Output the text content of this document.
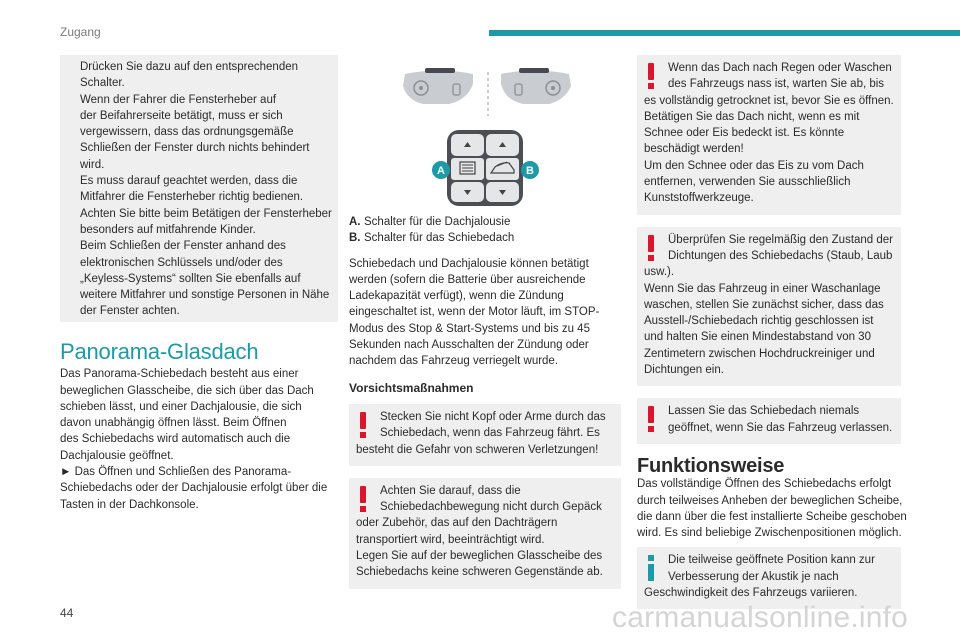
Zugang
Drücken Sie dazu auf den entsprechenden
Schalter.
Wenn der Fahrer die Fensterheber auf
der Beifahrerseite betätigt, muss er sich
vergewissern, dass das ordnungsgemäße
Schließen der Fenster durch nichts behindert
wird.
Es muss darauf geachtet werden, dass die
Mitfahrer die Fensterheber richtig bedienen.
Achten Sie bitte beim Betätigen der Fensterheber
besonders auf mitfahrende Kinder.
Beim Schließen der Fenster anhand des
elektronischen Schlüssels und/oder des
„Keyless-Systems“ sollten Sie ebenfalls auf
weitere Mitfahrer und sonstige Personen in Nähe
der Fenster achten.
Panorama-Glasdach
Das Panorama-Schiebedach besteht aus einer
beweglichen Glasscheibe, die sich über das Dach
schieben lässt, und einer Dachjalousie, die sich
davon unabhängig öffnen lässt. Beim Öffnen
des Schiebedachs wird automatisch auch die
Dachjalousie geöffnet.
► Das Öffnen und Schließen des Panorama-
Schiebedachs oder der Dachjalousie erfolgt über die
Tasten in der Dachkonsole.
A	B
A. Schalter für die Dachjalousie
B. Schalter für das Schiebedach
Schiebedach und Dachjalousie können betätigt
werden (sofern die Batterie über ausreichende
Ladekapazität verfügt), wenn die Zündung
eingeschaltet ist, wenn der Motor läuft, im STOP-
Modus des Stop & Start-Systems und bis zu 45
Sekunden nach Ausschalten der Zündung oder
nachdem das Fahrzeug verriegelt wurde.
Vorsichtsmaßnahmen
Stecken Sie nicht Kopf oder Arme durch das
Schiebedach, wenn das Fahrzeug fährt. Es
besteht die Gefahr von schweren Verletzungen!
Achten Sie darauf, dass die
Schiebedachbewegung nicht durch Gepäck
oder Zubehör, das auf den Dachträgern
transportiert wird, beeinträchtigt wird.
Legen Sie auf der beweglichen Glasscheibe des
Schiebedachs keine schweren Gegenstände ab.
Wenn das Dach nach Regen oder Waschen
des Fahrzeugs nass ist, warten Sie ab, bis
es vollständig getrocknet ist, bevor Sie es öffnen.
Betätigen Sie das Dach nicht, wenn es mit
Schnee oder Eis bedeckt ist. Es könnte
beschädigt werden!
Um den Schnee oder das Eis zu vom Dach
entfernen, verwenden Sie ausschließlich
Kunststoffwerkzeuge.
Überprüfen Sie regelmäßig den Zustand der
Dichtungen des Schiebedachs (Staub, Laub
usw.).
Wenn Sie das Fahrzeug in einer Waschanlage
waschen, stellen Sie zunächst sicher, dass das
Ausstell-/Schiebedach richtig geschlossen ist
und halten Sie einen Mindestabstand von 30
Zentimetern zwischen Hochdruckreiniger und
Dichtungen ein.
Lassen Sie das Schiebedach niemals
geöffnet, wenn Sie das Fahrzeug verlassen.
Funktionsweise
Das vollständige Öffnen des Schiebedachs erfolgt
durch teilweises Anheben der beweglichen Scheibe,
die dann über die fest installierte Scheibe geschoben
wird. Es sind beliebige Zwischenpositionen möglich.
Die teilweise geöffnete Position kann zur
Verbesserung der Akustik je nach
Geschwindigkeit des Fahrzeugs variieren.
44	carmanualsonline.info
